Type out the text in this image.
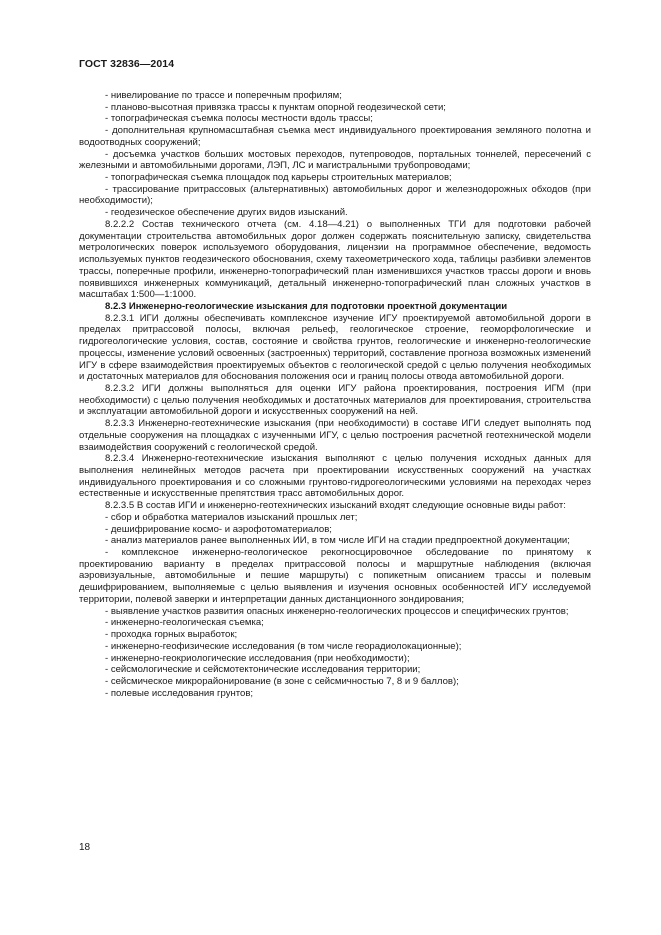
ГОСТ 32836—2014

- нивелирование по трассе и поперечным профилям;

- планово-высотная привязка трассы к пунктам опорной геодезической сети;

- топографическая съемка полосы местности вдоль трассы;

- дополнительная крупномасштабная съемка мест индивидуального проектирования земляного полотна и водоотводных сооружений;

- досъемка участков больших мостовых переходов, путепроводов, портальных тоннелей, пересечений с железными и автомобильными дорогами, ЛЭП, ЛС и магистральными трубопроводами;

- топографическая съемка площадок под карьеры строительных материалов;

- трассирование притрассовых (альтернативных) автомобильных дорог и железнодорожных обходов (при необходимости);

- геодезическое обеспечение других видов изысканий.

8.2.2.2 Состав технического отчета (см. 4.18—4.21) о выполненных ТГИ для подготовки рабочей документации строительства автомобильных дорог должен содержать пояснительную записку, свидетельства метрологических поверок используемого оборудования, лицензии на программное обеспечение, ведомость используемых пунктов геодезического обоснования, схему тахеометрического хода, таблицы разбивки элементов трассы, поперечные профили, инженерно-топографический план изменившихся участков трассы дороги и вновь появившихся инженерных коммуникаций, детальный инженерно-топографический план сложных участков в масштабах 1:500—1:1000.

8.2.3 Инженерно-геологические изыскания для подготовки проектной документации

8.2.3.1 ИГИ должны обеспечивать комплексное изучение ИГУ проектируемой автомобильной дороги в пределах притрассовой полосы, включая рельеф, геологическое строение, геоморфологические и гидрогеологические условия, состав, состояние и свойства грунтов, геологические и инженерно-геологические процессы, изменение условий освоенных (застроенных) территорий, составление прогноза возможных изменений ИГУ в сфере взаимодействия проектируемых объектов с геологической средой с целью получения необходимых и достаточных материалов для обоснования положения оси и границ полосы отвода автомобильной дороги.

8.2.3.2 ИГИ должны выполняться для оценки ИГУ района проектирования, построения ИГМ (при необходимости) с целью получения необходимых и достаточных материалов для проектирования, строительства и эксплуатации автомобильной дороги и искусственных сооружений на ней.

8.2.3.3 Инженерно-геотехнические изыскания (при необходимости) в составе ИГИ следует выполнять под отдельные сооружения на площадках с изученными ИГУ, с целью построения расчетной геотехнической модели взаимодействия сооружений с геологической средой.

8.2.3.4 Инженерно-геотехнические изыскания выполняют с целью получения исходных данных для выполнения нелинейных методов расчета при проектировании искусственных сооружений на участках индивидуального проектирования и со сложными грунтово-гидрогеологическими условиями на переходах через естественные и искусственные препятствия трасс автомобильных дорог.

8.2.3.5 В состав ИГИ и инженерно-геотехнических изысканий входят следующие основные виды работ:

- сбор и обработка материалов изысканий прошлых лет;

- дешифрирование космо- и аэрофотоматериалов;

- анализ материалов ранее выполненных ИИ, в том числе ИГИ на стадии предпроектной документации;

- комплексное инженерно-геологическое рекогносцировочное обследование по принятому к проектированию варианту в пределах притрассовой полосы и маршрутные наблюдения (включая аэровизуальные, автомобильные и пешие маршруты) с попикетным описанием трассы и полевым дешифрированием, выполняемые с целью выявления и изучения основных особенностей ИГУ исследуемой территории, полевой заверки и интерпретации данных дистанционного зондирования;

- выявление участков развития опасных инженерно-геологических процессов и специфических грунтов;

- инженерно-геологическая съемка;

- проходка горных выработок;

- инженерно-геофизические исследования (в том числе георадиолокационные);

- инженерно-геокриологические исследования (при необходимости);

- сейсмологические и сейсмотектонические исследования территории;

- сейсмическое микрорайонирование (в зоне с сейсмичностью 7, 8 и 9 баллов);

- полевые исследования грунтов;

18
